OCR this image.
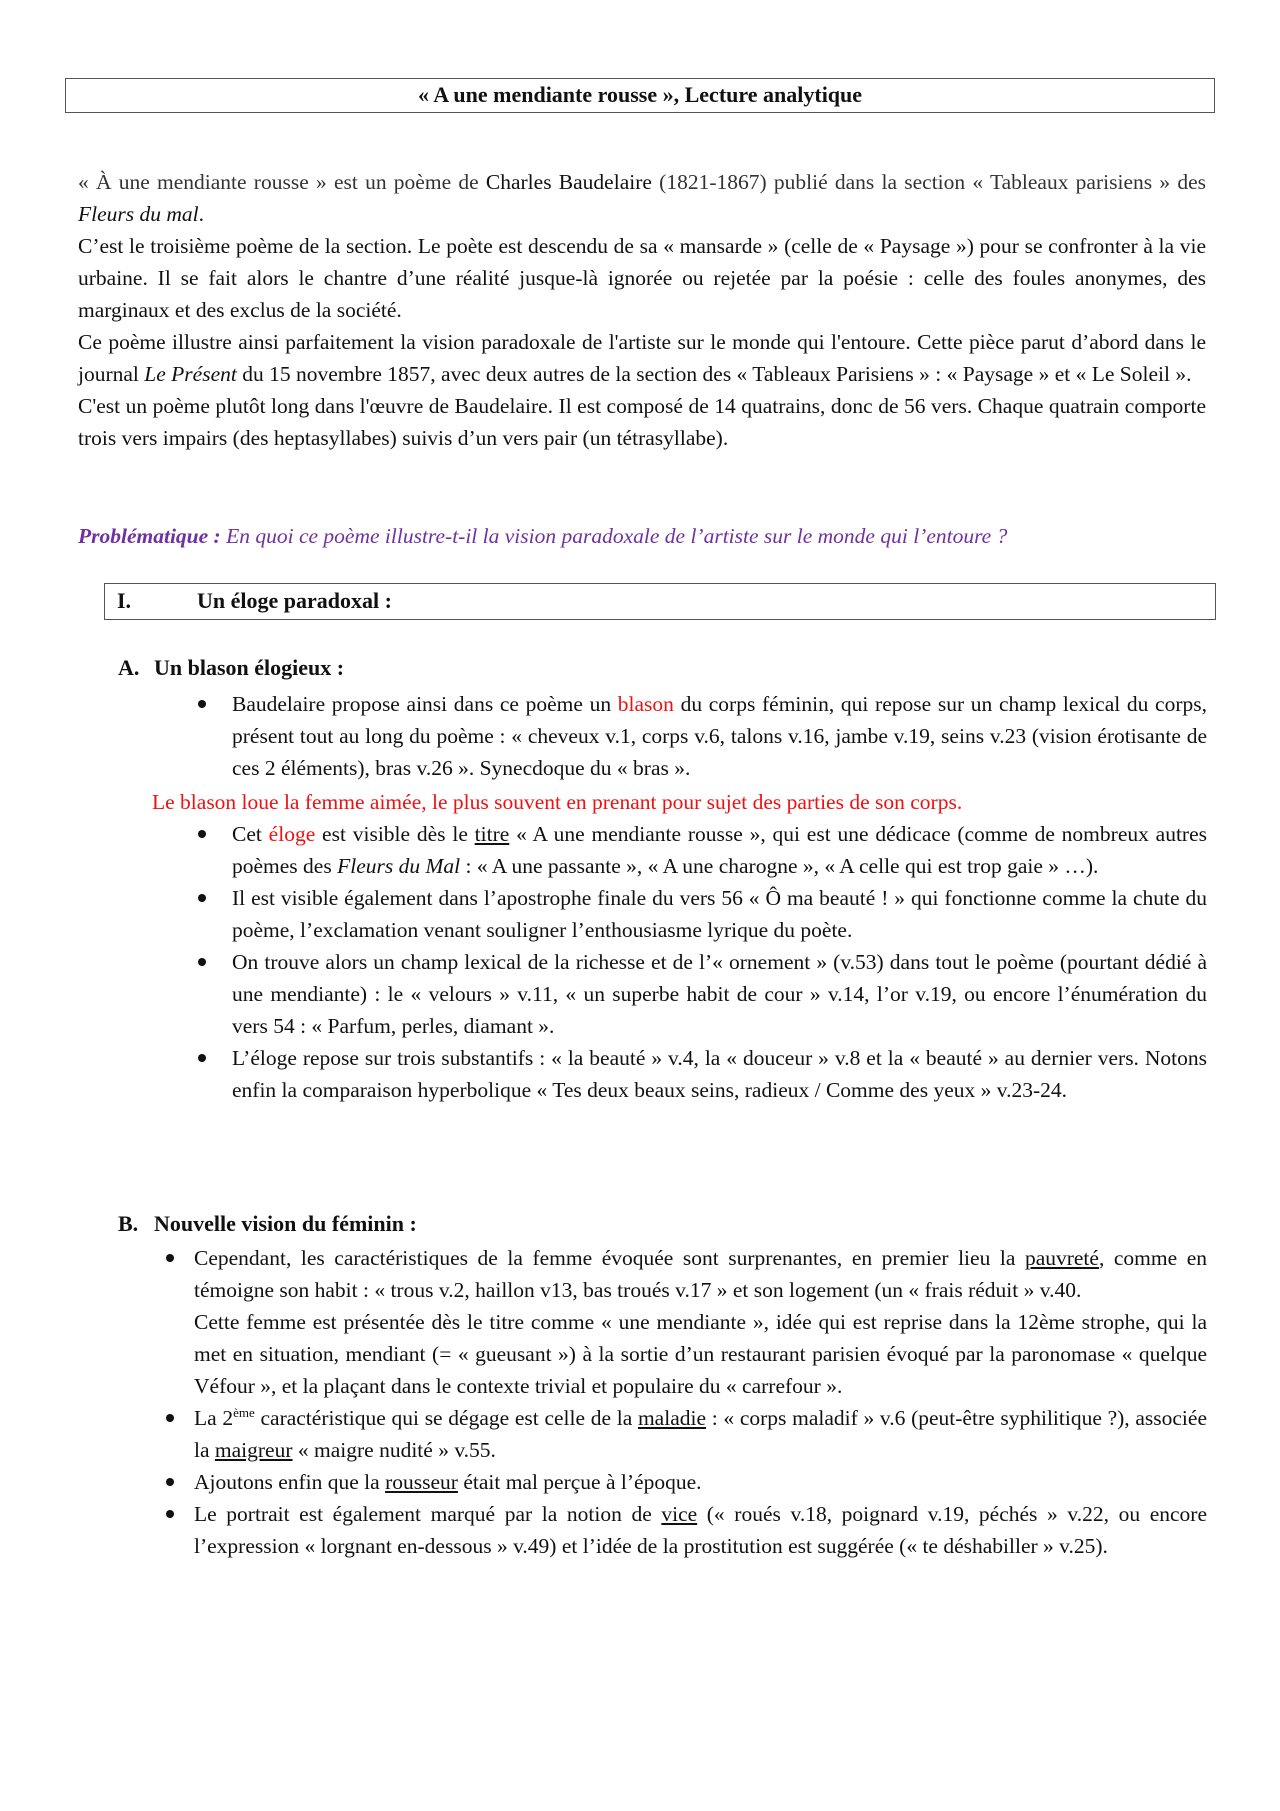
« A une mendiante rousse », Lecture analytique

« À une mendiante rousse » est un poème de Charles Baudelaire (1821-1867) publié dans la section « Tableaux parisiens » des Fleurs du mal.

C’est le troisième poème de la section. Le poète est descendu de sa « mansarde » (celle de « Paysage ») pour se confronter à la vie urbaine. Il se fait alors le chantre d’une réalité jusque-là ignorée ou rejetée par la poésie : celle des foules anonymes, des marginaux et des exclus de la société.

Ce poème illustre ainsi parfaitement la vision paradoxale de l'artiste sur le monde qui l'entoure. Cette pièce parut d’abord dans le journal Le Présent du 15 novembre 1857, avec deux autres de la section des « Tableaux Parisiens » : « Paysage » et « Le Soleil ».

C'est un poème plutôt long dans l'œuvre de Baudelaire. Il est composé de 14 quatrains, donc de 56 vers. Chaque quatrain comporte trois vers impairs (des heptasyllabes) suivis d’un vers pair (un tétrasyllabe).

Problématique : En quoi ce poème illustre-t-il la vision paradoxale de l’artiste sur le monde qui l’entoure ?
I.	Un éloge paradoxal :
A. Un blason élogieux :
Baudelaire propose ainsi dans ce poème un blason du corps féminin, qui repose sur un champ lexical du corps, présent tout au long du poème : « cheveux v.1, corps v.6, talons v.16, jambe v.19, seins v.23 (vision érotisante de ces 2 éléments), bras v.26 ». Synecdoque du « bras ».
Le blason loue la femme aimée, le plus souvent en prenant pour sujet des parties de son corps.
Cet éloge est visible dès le titre « A une mendiante rousse », qui est une dédicace (comme de nombreux autres poèmes des Fleurs du Mal : « A une passante », « A une charogne », « A celle qui est trop gaie » …).
Il est visible également dans l’apostrophe finale du vers 56 « Ô ma beauté ! » qui fonctionne comme la chute du poème, l’exclamation venant souligner l’enthousiasme lyrique du poète.
On trouve alors un champ lexical de la richesse et de l’« ornement » (v.53) dans tout le poème (pourtant dédié à une mendiante) : le « velours » v.11, « un superbe habit de cour » v.14, l’or v.19, ou encore l’énumération du vers 54 : « Parfum, perles, diamant ».
L’éloge repose sur trois substantifs : « la beauté » v.4, la « douceur » v.8 et la « beauté » au dernier vers. Notons enfin la comparaison hyperbolique « Tes deux beaux seins, radieux / Comme des yeux » v.23-24.
B. Nouvelle vision du féminin :
Cependant, les caractéristiques de la femme évoquée sont surprenantes, en premier lieu la pauvreté, comme en témoigne son habit : « trous v.2, haillon v13, bas troués v.17 » et son logement (un « frais réduit » v.40.
Cette femme est présentée dès le titre comme « une mendiante », idée qui est reprise dans la 12ème strophe, qui la met en situation, mendiant (= « gueusant ») à la sortie d’un restaurant parisien évoqué par la paronomase « quelque Véfour », et la plaçant dans le contexte trivial et populaire du « carrefour ».
La 2ème caractéristique qui se dégage est celle de la maladie : « corps maladif » v.6 (peut-être syphilitique ?), associée la maigreur « maigre nudité » v.55.
Ajoutons enfin que la rousseur était mal perçue à l’époque.
Le portrait est également marqué par la notion de vice (« roués v.18, poignard v.19, péchés » v.22, ou encore l’expression « lorgnant en-dessous » v.49) et l’idée de la prostitution est suggérée (« te déshabiller » v.25).
